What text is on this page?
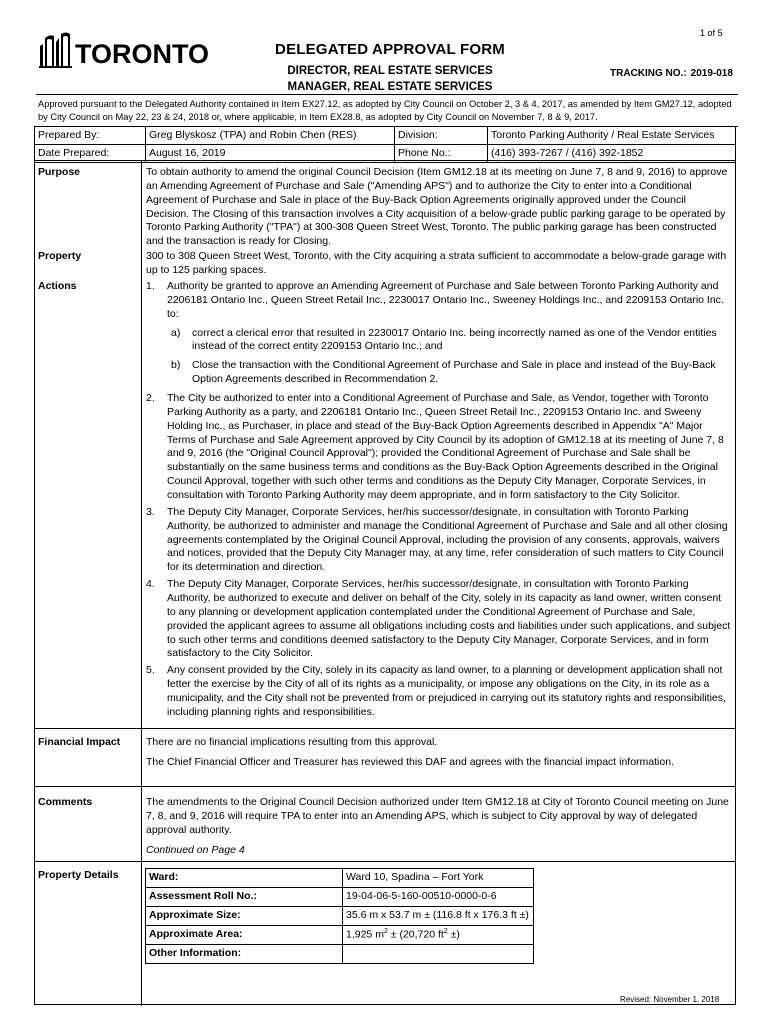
1 of 5
TORONTO	DELEGATED APPROVAL FORM
DIRECTOR, REAL ESTATE SERVICES
MANAGER, REAL ESTATE SERVICES
TRACKING NO.: 2019-018
Approved pursuant to the Delegated Authority contained in Item EX27.12, as adopted by City Council on October 2, 3 & 4, 2017, as amended by Item GM27.12, adopted by City Council on May 22, 23 & 24, 2018 or, where applicable, in Item EX28.8, as adopted by City Council on November 7, 8 & 9, 2017.
Prepared By:	Greg Blyskosz (TPA) and Robin Chen (RES)	Division:	Toronto Parking Authority / Real Estate Services
Date Prepared:	August 16, 2019	Phone No.:	(416) 393-7267 / (416) 392-1852
Purpose	To obtain authority to amend the original Council Decision (Item GM12.18 at its meeting on June 7, 8 and 9, 2016) to approve an Amending Agreement of Purchase and Sale ("Amending APS") and to authorize the City to enter into a Conditional Agreement of Purchase and Sale in place of the Buy-Back Option Agreements originally approved under the Council Decision. The Closing of this transaction involves a City acquisition of a below-grade public parking garage to be operated by Toronto Parking Authority ("TPA") at 300-308 Queen Street West, Toronto. The public parking garage has been constructed and the transaction is ready for Closing.
Property	300 to 308 Queen Street West, Toronto, with the City acquiring a strata sufficient to accommodate a below-grade garage with up to 125 parking spaces.
Actions	1. Authority be granted to approve an Amending Agreement of Purchase and Sale between Toronto Parking Authority and 2206181 Ontario Inc., Queen Street Retail Inc., 2230017 Ontario Inc., Sweeney Holdings Inc., and 2209153 Ontario Inc. to:
a) correct a clerical error that resulted in 2230017 Ontario Inc. being incorrectly named as one of the Vendor entities instead of the correct entity 2209153 Ontario Inc.; and
b) Close the transaction with the Conditional Agreement of Purchase and Sale in place and instead of the Buy-Back Option Agreements described in Recommendation 2.
2. The City be authorized to enter into a Conditional Agreement of Purchase and Sale, as Vendor, together with Toronto Parking Authority as a party, and 2206181 Ontario Inc., Queen Street Retail Inc., 2209153 Ontario Inc. and Sweeny Holding Inc., as Purchaser, in place and stead of the Buy-Back Option Agreements described in Appendix "A" Major Terms of Purchase and Sale Agreement approved by City Council by its adoption of GM12.18 at its meeting of June 7, 8 and 9, 2016 (the "Original Council Approval"); provided the Conditional Agreement of Purchase and Sale shall be substantially on the same business terms and conditions as the Buy-Back Option Agreements described in the Original Council Approval, together with such other terms and conditions as the Deputy City Manager, Corporate Services, in consultation with Toronto Parking Authority may deem appropriate, and in form satisfactory to the City Solicitor.
3. The Deputy City Manager, Corporate Services, her/his successor/designate, in consultation with Toronto Parking Authority, be authorized to administer and manage the Conditional Agreement of Purchase and Sale and all other closing agreements contemplated by the Original Council Approval, including the provision of any consents, approvals, waivers and notices, provided that the Deputy City Manager may, at any time, refer consideration of such matters to City Council for its determination and direction.
4. The Deputy City Manager, Corporate Services, her/his successor/designate, in consultation with Toronto Parking Authority, be authorized to execute and deliver on behalf of the City, solely in its capacity as land owner, written consent to any planning or development application contemplated under the Conditional Agreement of Purchase and Sale, provided the applicant agrees to assume all obligations including costs and liabilities under such applications, and subject to such other terms and conditions deemed satisfactory to the Deputy City Manager, Corporate Services, and in form satisfactory to the City Solicitor.
5. Any consent provided by the City, solely in its capacity as land owner, to a planning or development application shall not fetter the exercise by the City of all of its rights as a municipality, or impose any obligations on the City, in its role as a municipality, and the City shall not be prevented from or prejudiced in carrying out its statutory rights and responsibilities, including planning rights and responsibilities.
Financial Impact There are no financial implications resulting from this approval.

The Chief Financial Officer and Treasurer has reviewed this DAF and agrees with the financial impact information.

Comments	The amendments to the Original Council Decision authorized under Item GM12.18 at City of Toronto Council meeting on June 7, 8, and 9, 2016 will require TPA to enter into an Amending APS, which is subject to City approval by way of delegated approval authority.

Continued on Page 4

Property Details	Ward:	Ward 10, Spadina – Fort York
Assessment Roll No.:	19-04-06-5-160-00510-0000-0-6
Approximate Size:	35.6 m x 53.7 m ± (116.8 ft x 176.3 ft ±)
Approximate Area:	1,925 $m^2 \pm (20,720$ $ft^2$ ±)
Other Information:	
Revised: November 1, 2018
